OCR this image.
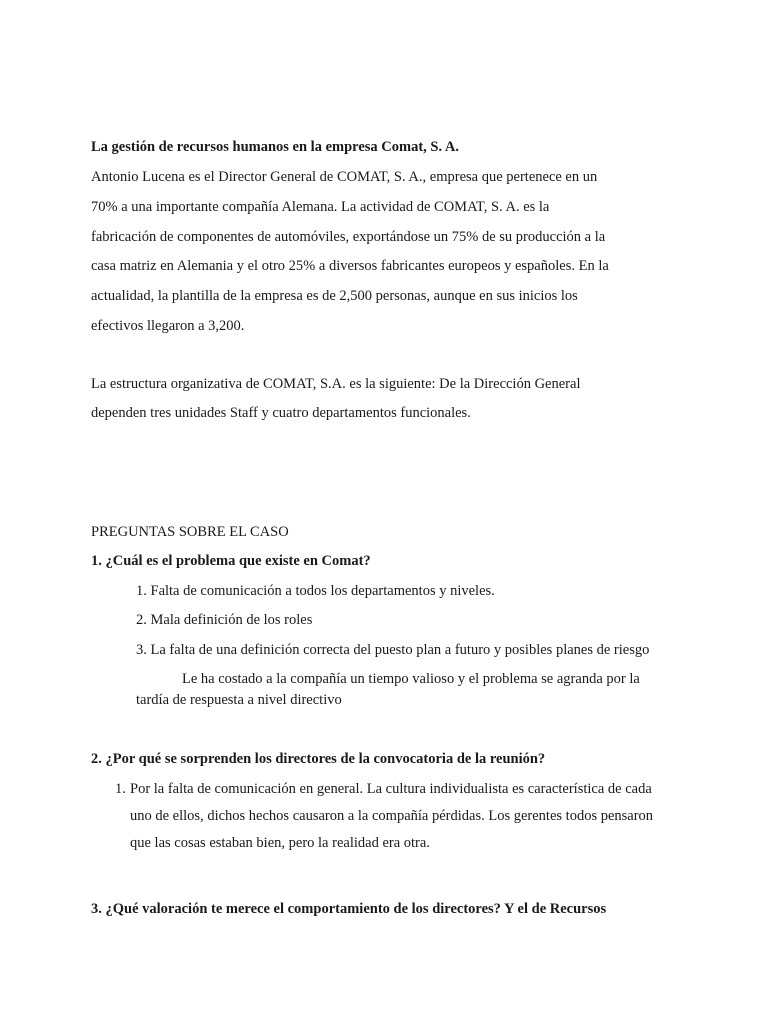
La gestión de recursos humanos en la empresa Comat, S. A.
Antonio Lucena es el Director General de COMAT, S. A., empresa que pertenece en un
70% a una importante compañía Alemana. La actividad de COMAT, S. A. es la
fabricación de componentes de automóviles, exportándose un 75% de su producción a la
casa matriz en Alemania y el otro 25% a diversos fabricantes europeos y españoles. En la
actualidad, la plantilla de la empresa es de 2,500 personas, aunque en sus inicios los
efectivos llegaron a 3,200.
La estructura organizativa de COMAT, S.A. es la siguiente: De la Dirección General
dependen tres unidades Staff y cuatro departamentos funcionales.
PREGUNTAS SOBRE EL CASO
1. ¿Cuál es el problema que existe en Comat?
1. Falta de comunicación a todos los departamentos y niveles.
2. Mala definición de los roles
3. La falta de una definición correcta del puesto plan a futuro y posibles planes de riesgo
Le ha costado a la compañía un tiempo valioso y el problema se agranda por la
tardía de respuesta a nivel directivo
2. ¿Por qué se sorprenden los directores de la convocatoria de la reunión?
1. Por la falta de comunicación en general. La cultura individualista es característica de cada
uno de ellos, dichos hechos causaron a la compañía pérdidas. Los gerentes todos pensaron
que las cosas estaban bien, pero la realidad era otra.
3. ¿Qué valoración te merece el comportamiento de los directores? Y el de Recursos
